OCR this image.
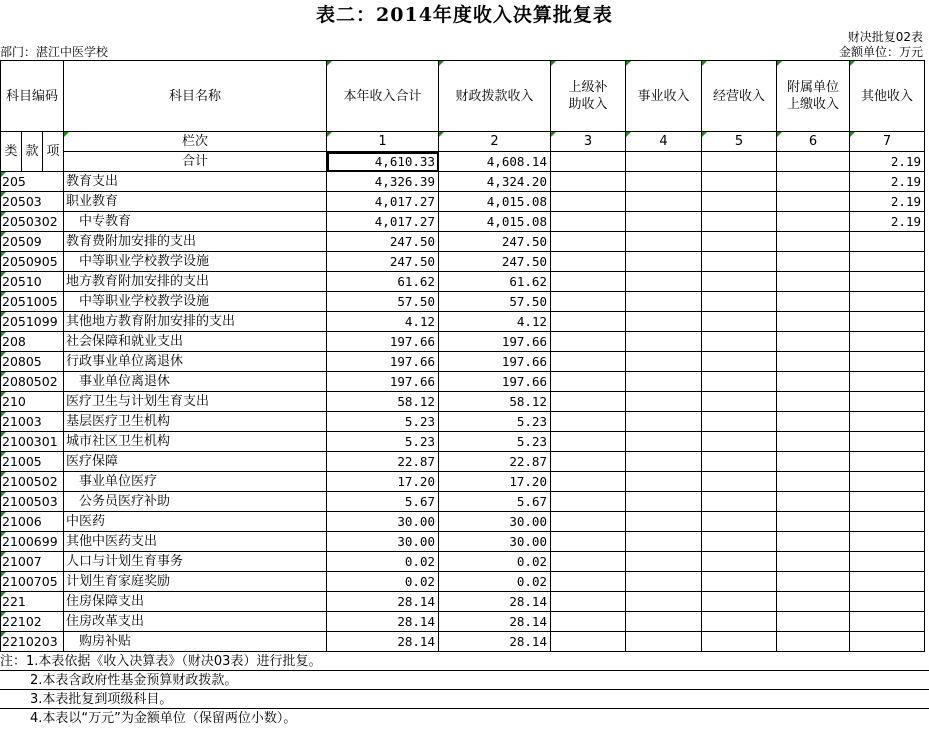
表二：2014年度收入决算批复表
财决批复02表
部门：湛江中医学校	金额单位：万元
科目编码			科目名称	本年收入合计	财政拨款收入	上级补助收入	事业收入	经营收入	附属单位上缴收入	其他收入
类	款	项	栏次	1	2	3	4	5	6	7
			合计	4,610.33	4,608.14					2.19
205			教育支出	4,326.39	4,324.20					2.19
20503			职业教育	4,017.27	4,015.08					2.19
2050302			　中专教育	4,017.27	4,015.08					2.19
20509			教育费附加安排的支出	247.50	247.50					
2050905			　中等职业学校教学设施	247.50	247.50					
20510			地方教育附加安排的支出	61.62	61.62					
2051005			　中等职业学校教学设施	57.50	57.50					
2051099			其他地方教育附加安排的支出	4.12	4.12					
208			社会保障和就业支出	197.66	197.66					
20805			行政事业单位离退休	197.66	197.66					
2080502			　事业单位离退休	197.66	197.66					
210			医疗卫生与计划生育支出	58.12	58.12					
21003			基层医疗卫生机构	5.23	5.23					
2100301			城市社区卫生机构	5.23	5.23					
21005			医疗保障	22.87	22.87					
2100502			　事业单位医疗	17.20	17.20					
2100503			　公务员医疗补助	5.67	5.67					
21006			中医药	30.00	30.00					
2100699			其他中医药支出	30.00	30.00					
21007			人口与计划生育事务	0.02	0.02					
2100705			计划生育家庭奖励	0.02	0.02					
221			住房保障支出	28.14	28.14					
22102			住房改革支出	28.14	28.14					
2210203			　购房补贴	28.14	28.14					
注：1.本表依据《收入决算表》（财决03表）进行批复。
2.本表含政府性基金预算财政拨款。
3.本表批复到项级科目。
4.本表以“万元”为金额单位（保留两位小数）。
